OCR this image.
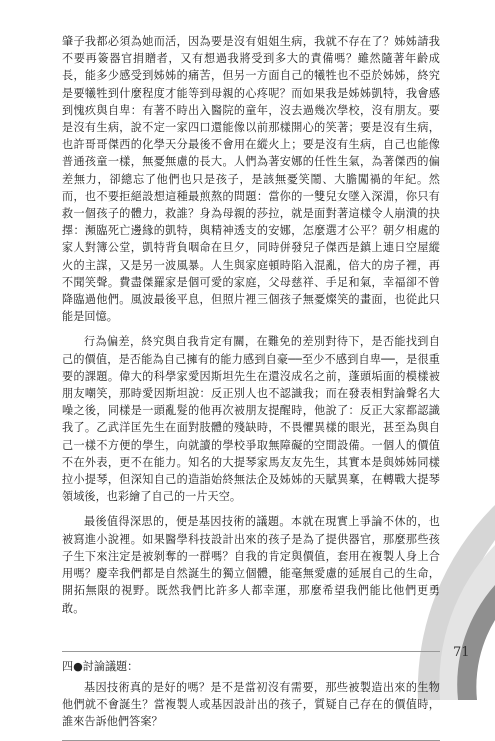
肇子我都必須為她而活，因為要是沒有姐姐生病，我就不存在了？姊姊請我不要再簽器官捐贈者，又有想過我將受到多大的責備嗎？雖然隨著年齡成長，能多少感受到姊姊的痛苦，但另一方面自己的犧牲也不亞於姊姊，終究是要犧牲到什麼程度才能等到母親的心疼呢？而如果我是姊姊凱特，我會感到愧疚與自卑：有著不時出入醫院的童年，沒去過幾次學校，沒有朋友。要是沒有生病，說不定一家四口還能像以前那樣開心的笑著；要是沒有生病，也許哥哥傑西的化學天分最後不會用在縱火上；要是沒有生病，自己也能像普通孩童一樣，無憂無慮的長大。人們為著安娜的任性生氣，為著傑西的偏差無力，卻總忘了他們也只是孩子，是該無憂笑鬧、大膽闖禍的年紀。然而，也不要拒絕設想這種最煎熬的問題：當你的一雙兒女墜入深淵，你只有救一個孩子的體力，救誰？身為母親的莎拉，就是面對著這樣令人崩潰的抉擇：瀕臨死亡邊緣的凱特，與精神透支的安娜，怎麼選才公平？朝夕相處的家人對簿公堂，凱特背負咽命在旦夕，同時併發兒子傑西是鎮上連日空屋縱火的主謀，又是另一波風暴。人生與家庭頓時陷入混亂，倍大的房子裡，再不聞笑聲。費盡傑羅家是個可愛的家庭，父母慈祥、手足和氣，幸福卻不曾降臨過他們。風波最後平息，但照片裡三個孩子無憂燦笑的畫面，也從此只能是回憶。

行為偏差，終究與自我肯定有關，在難免的差別對待下，是否能找到自己的價值，是否能為自己擁有的能力感到自豪──至少不感到自卑──，是很重要的課題。偉大的科學家愛因斯坦先生在還沒成名之前，蓬頭垢面的模樣被朋友嘲笑，那時愛因斯坦說：反正別人也不認識我；而在發表相對論聲名大噪之後，同樣是一頭亂髮的他再次被朋友提醒時，他說了：反正大家都認識我了。乙武洋匡先生在面對肢體的殘缺時，不畏懼異樣的眼光，甚至為與自己一樣不方便的學生，向就讀的學校爭取無障礙的空間設備。一個人的價值不在外表，更不在能力。知名的大提琴家馬友友先生，其實本是與姊姊同樣拉小提琴，但深知自己的造詣始終無法企及姊姊的天賦異稟，在轉戰大提琴領域後，也彩繪了自己的一片天空。

最後值得深思的，便是基因技術的議題。本就在現實上爭論不休的，也被寫進小說裡。如果醫學科技設計出來的孩子是為了提供器官，那麼那些孩子生下來注定是被剝奪的一群嗎？自我的肯定與價值，套用在複製人身上合用嗎？慶幸我們都是自然誕生的獨立個體，能毫無愛慮的延展自己的生命，開拓無限的視野。既然我們比許多人都幸運，那麼希望我們能比他們更勇敢。

四●討論議題：

基因技術真的是好的嗎？是不是當初沒有需要，那些被製造出來的生物他們就不會誕生？當複製人或基因設計出的孩子，質疑自己存在的價值時，誰來告訴他們答案？

71
